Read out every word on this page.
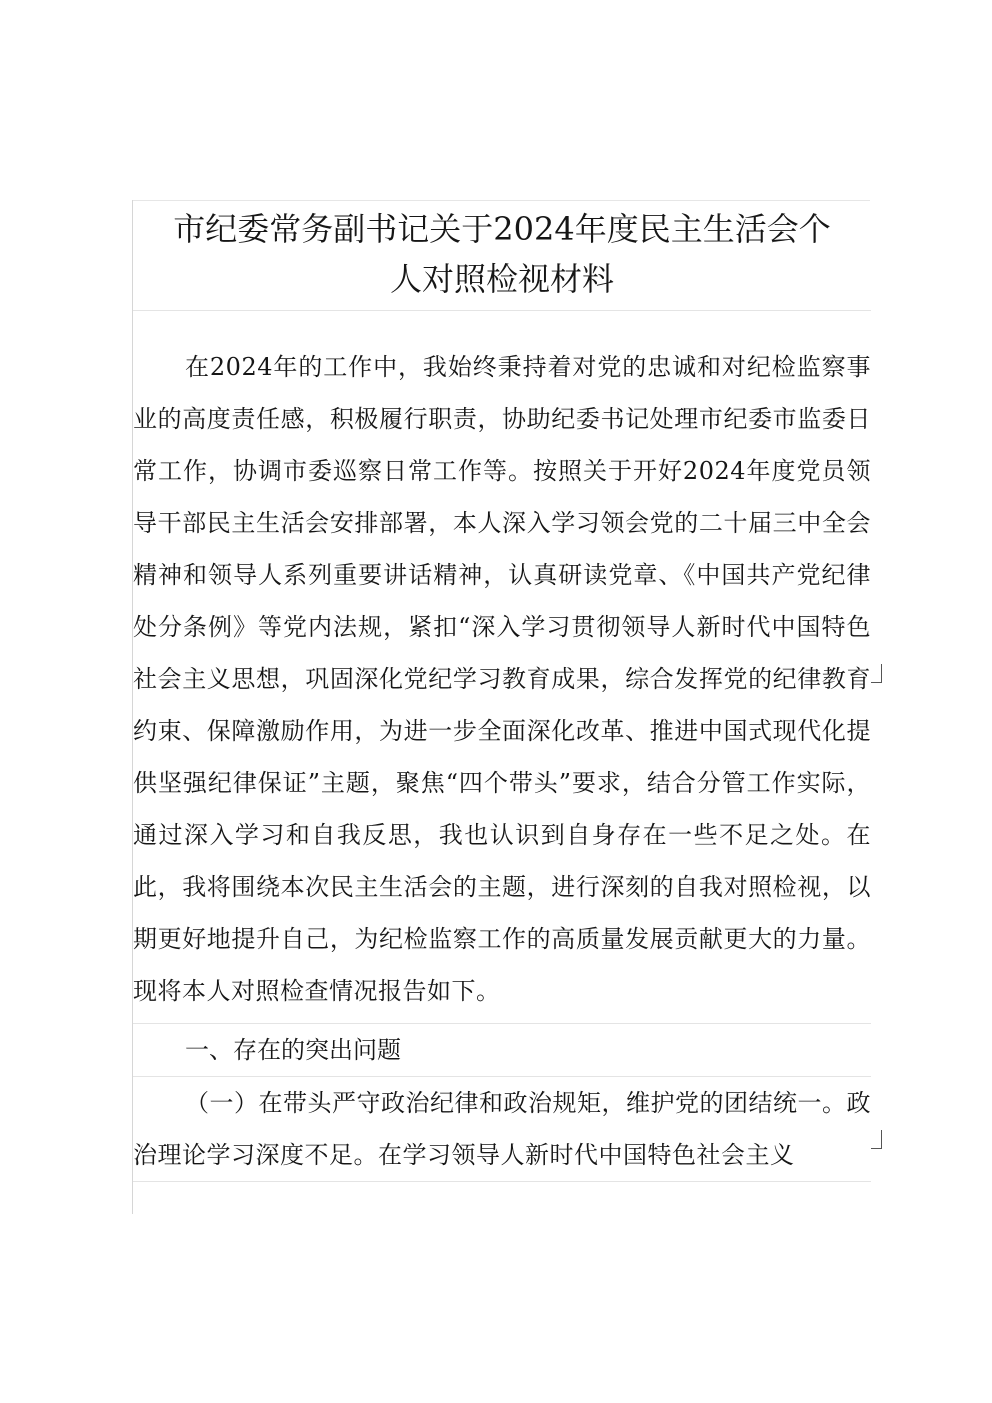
市纪委常务副书记关于2024年度民主生活会个
人对照检视材料

在2024年的工作中，我始终秉持着对党的忠诚和对纪检监察事业的高度责任感，积极履行职责，协助纪委书记处理市纪委市监委日常工作，协调市委巡察日常工作等。按照关于开好2024年度党员领导干部民主生活会安排部署，本人深入学习领会党的二十届三中全会精神和领导人系列重要讲话精神，认真研读党章、《中国共产党纪律处分条例》等党内法规，紧扣“深入学习贯彻领导人新时代中国特色社会主义思想，巩固深化党纪学习教育成果，综合发挥党的纪律教育约束、保障激励作用，为进一步全面深化改革、推进中国式现代化提供坚强纪律保证”主题，聚焦“四个带头”要求，结合分管工作实际，通过深入学习和自我反思，我也认识到自身存在一些不足之处。在此，我将围绕本次民主生活会的主题，进行深刻的自我对照检视，以期更好地提升自己，为纪检监察工作的高质量发展贡献更大的力量。现将本人对照检查情况报告如下。

一、存在的突出问题

（一）在带头严守政治纪律和政治规矩，维护党的团结统一。政治理论学习深度不足。在学习领导人新时代中国特色社会主义
